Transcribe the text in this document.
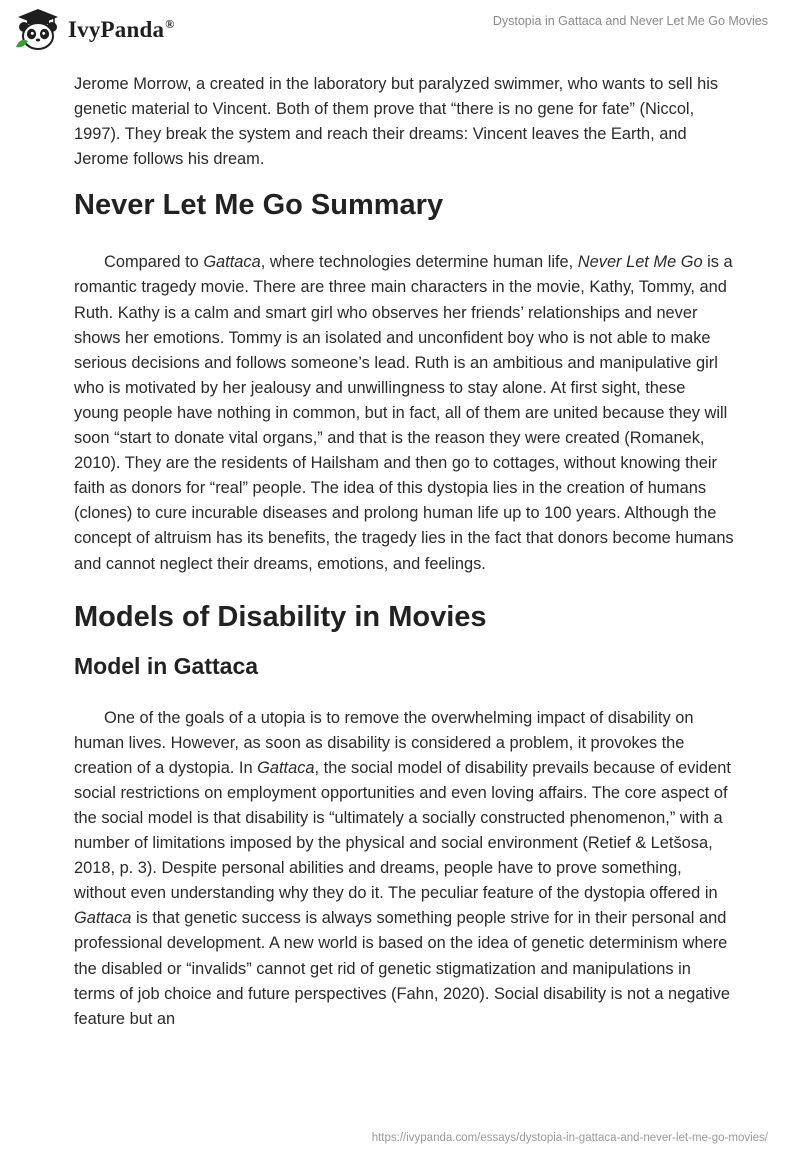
IvyPanda®	Dystopia in Gattaca and Never Let Me Go Movies

Jerome Morrow, a created in the laboratory but paralyzed swimmer, who wants to sell his genetic material to Vincent. Both of them prove that “there is no gene for fate” (Niccol, 1997). They break the system and reach their dreams: Vincent leaves the Earth, and Jerome follows his dream.

Never Let Me Go Summary

Compared to Gattaca, where technologies determine human life, Never Let Me Go is a romantic tragedy movie. There are three main characters in the movie, Kathy, Tommy, and Ruth. Kathy is a calm and smart girl who observes her friends’ relationships and never shows her emotions. Tommy is an isolated and unconfident boy who is not able to make serious decisions and follows someone’s lead. Ruth is an ambitious and manipulative girl who is motivated by her jealousy and unwillingness to stay alone. At first sight, these young people have nothing in common, but in fact, all of them are united because they will soon “start to donate vital organs,” and that is the reason they were created (Romanek, 2010). They are the residents of Hailsham and then go to cottages, without knowing their faith as donors for “real” people. The idea of this dystopia lies in the creation of humans (clones) to cure incurable diseases and prolong human life up to 100 years. Although the concept of altruism has its benefits, the tragedy lies in the fact that donors become humans and cannot neglect their dreams, emotions, and feelings.

Models of Disability in Movies
Model in Gattaca

One of the goals of a utopia is to remove the overwhelming impact of disability on human lives. However, as soon as disability is considered a problem, it provokes the creation of a dystopia. In Gattaca, the social model of disability prevails because of evident social restrictions on employment opportunities and even loving affairs. The core aspect of the social model is that disability is “ultimately a socially constructed phenomenon,” with a number of limitations imposed by the physical and social environment (Retief & Letšosa, 2018, p. 3). Despite personal abilities and dreams, people have to prove something, without even understanding why they do it. The peculiar feature of the dystopia offered in Gattaca is that genetic success is always something people strive for in their personal and professional development. A new world is based on the idea of genetic determinism where the disabled or “invalids” cannot get rid of genetic stigmatization and manipulations in terms of job choice and future perspectives (Fahn, 2020). Social disability is not a negative feature but an

https://ivypanda.com/essays/dystopia-in-gattaca-and-never-let-me-go-movies/
